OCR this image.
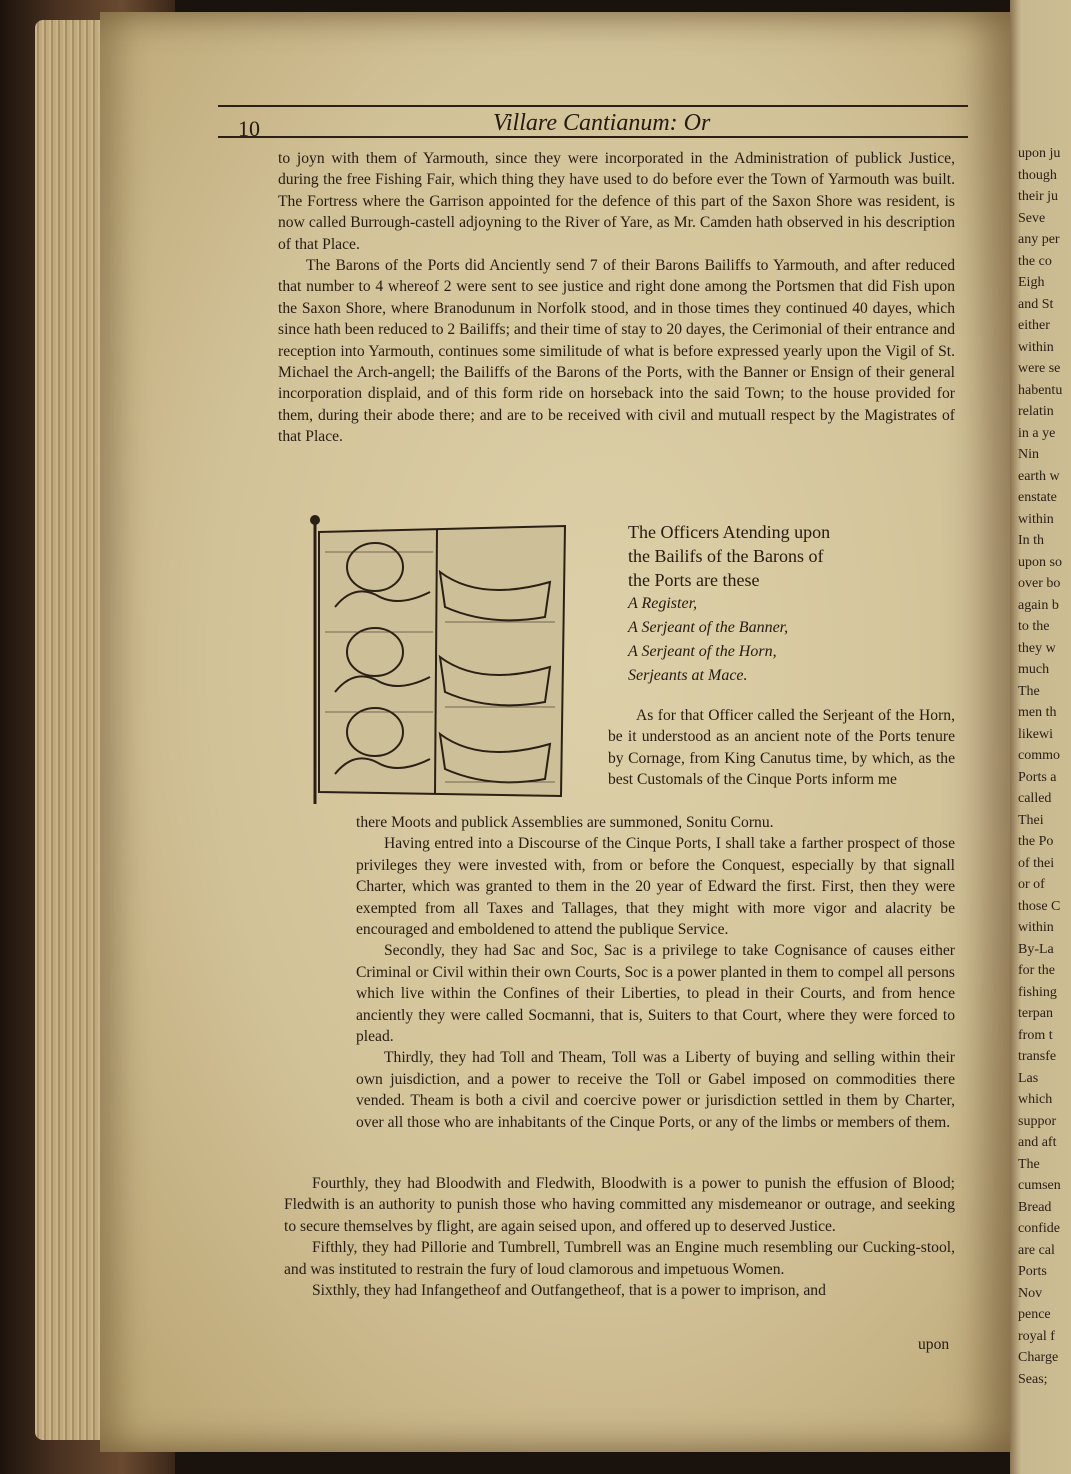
upon ju
though
their ju
Seve
any per
the co
Eigh
and St
either
within
were se
habentu
relatin
in a ye
Nin
earth w
enstate
within
In th
upon so
over bo
again b
to the
they w
much
The
men th
likewi
commo
Ports a
called
Thei
the Po
of thei
or of
those C
within
By-La
for the
fishing
terpan
from t
transfe
Las
which
suppor
and aft
The
cumsen
Bread
confide
are cal
Ports
Nov
pence
royal f
Charge
Seas;
10	Villare Cantianum: Or

to joyn with them of Yarmouth, since they were incorporated in the Administration of publick Justice, during the free Fishing Fair, which thing they have used to do before ever the Town of Yarmouth was built. The Fortress where the Garrison appointed for the defence of this part of the Saxon Shore was resident, is now called Burrough-castell adjoyning to the River of Yare, as Mr. Camden hath observed in his description of that Place.

The Barons of the Ports did Anciently send 7 of their Barons Bailiffs to Yarmouth, and after reduced that number to 4 whereof 2 were sent to see justice and right done among the Portsmen that did Fish upon the Saxon Shore, where Branodunum in Norfolk stood, and in those times they continued 40 dayes, which since hath been reduced to 2 Bailiffs; and their time of stay to 20 dayes, the Cerimonial of their entrance and reception into Yarmouth, continues some similitude of what is before expressed yearly upon the Vigil of St. Michael the Arch-angell; the Bailiffs of the Barons of the Ports, with the Banner or Ensign of their general incorporation displaid, and of this form ride on horseback into the said Town; to the house provided for them, during their abode there; and are to be received with civil and mutuall respect by the Magistrates of that Place.

The Officers Atending upon
the Bailifs of the Barons of
the Ports are these
A Register,
A Serjeant of the Banner,
A Serjeant of the Horn,
Serjeants at Mace.

As for that Officer called the Serjeant of the Horn, be it understood as an ancient note of the Ports tenure by Cornage, from King Canutus time, by which, as the best Customals of the Cinque Ports inform me

there Moots and publick Assemblies are summoned, Sonitu Cornu.

Having entred into a Discourse of the Cinque Ports, I shall take a farther prospect of those privileges they were invested with, from or before the Conquest, especially by that signall Charter, which was granted to them in the 20 year of Edward the first. First, then they were exempted from all Taxes and Tallages, that they might with more vigor and alacrity be encouraged and emboldened to attend the publique Service.

Secondly, they had Sac and Soc, Sac is a privilege to take Cognisance of causes either Criminal or Civil within their own Courts, Soc is a power planted in them to compel all persons which live within the Confines of their Liberties, to plead in their Courts, and from hence anciently they were called Socmanni, that is, Suiters to that Court, where they were forced to plead.

Thirdly, they had Toll and Theam, Toll was a Liberty of buying and selling within their own juisdiction, and a power to receive the Toll or Gabel imposed on commodities there vended. Theam is both a civil and coercive power or jurisdiction settled in them by Charter, over all those who are inhabitants of the Cinque Ports, or any of the limbs or members of them.

Fourthly, they had Bloodwith and Fledwith, Bloodwith is a power to punish the effusion of Blood; Fledwith is an authority to punish those who having committed any misdemeanor or outrage, and seeking to secure themselves by flight, are again seised upon, and offered up to deserved Justice.

Fifthly, they had Pillorie and Tumbrell, Tumbrell was an Engine much resembling our Cucking-stool, and was instituted to restrain the fury of loud clamorous and impetuous Women.

Sixthly, they had Infangetheof and Outfangetheof, that is a power to imprison, and

upon
